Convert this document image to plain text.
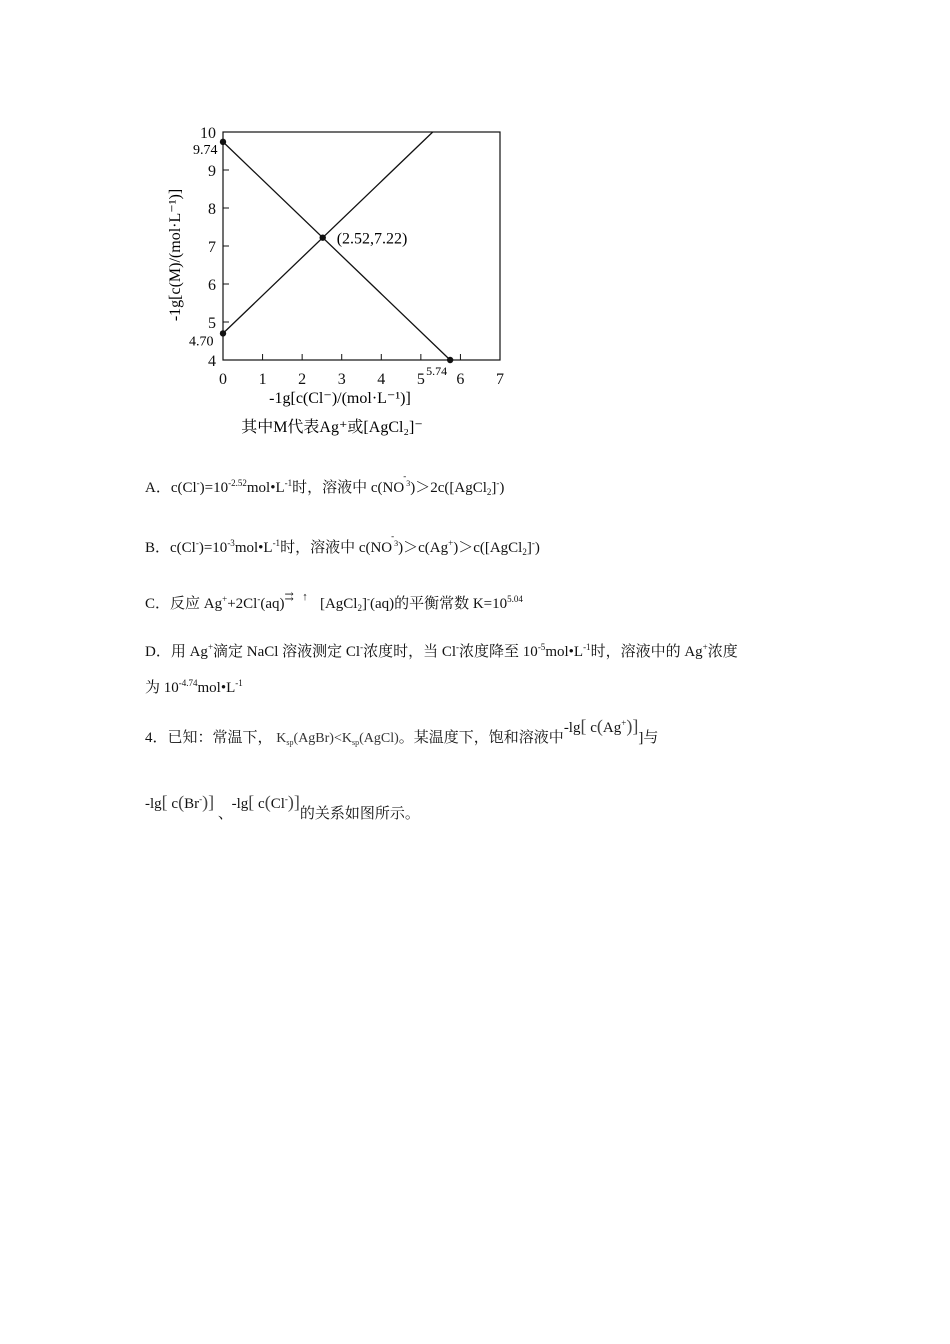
9.74
4.70
5.74
(2.52,7.22)
0 1 2 3 4 5 6 7
4
5
6
7
8
9
10
-1g[c(Cl⁻)/(mol·L⁻¹)]
-1g[c(M)/(mol·L⁻¹)]
其中M代表Ag⁺或[AgCl₂]⁻
A．$c(Cl^-)=10^{-2.52}mol•L^{-1}$时，溶液中 c(NO
-
$^3$)＞2c([AgCl$_2$]-)
B．$c(Cl^-)=10^{-3}mol•L^{-1}$时，溶液中 c(NO
-
$^3$)＞c(Ag+)＞c([AgCl$_2$]-)
C．反应 Ag++2Cl-(aq)⇉  ↑ [AgCl$_2$]-(aq)的平衡常数 $K=10^{5.04}$
D．用 Ag+滴定 NaCl 溶液测定 Cl-浓度时，当 Cl-浓度降至 $10^{-5}mol•L^{-1}$时，溶液中的 Ag+浓度
为 $10^{-4.74}mol•L^{-1}$
4．已知：常温下， $K_{sp}(AgBr)<K_{sp}(AgCl)$。某温度下，饱和溶液中-lg[ c(Ag+)]]与
-lg[ c(Br-)] 、 -lg[ c(Cl-)]的关系如图所示。
